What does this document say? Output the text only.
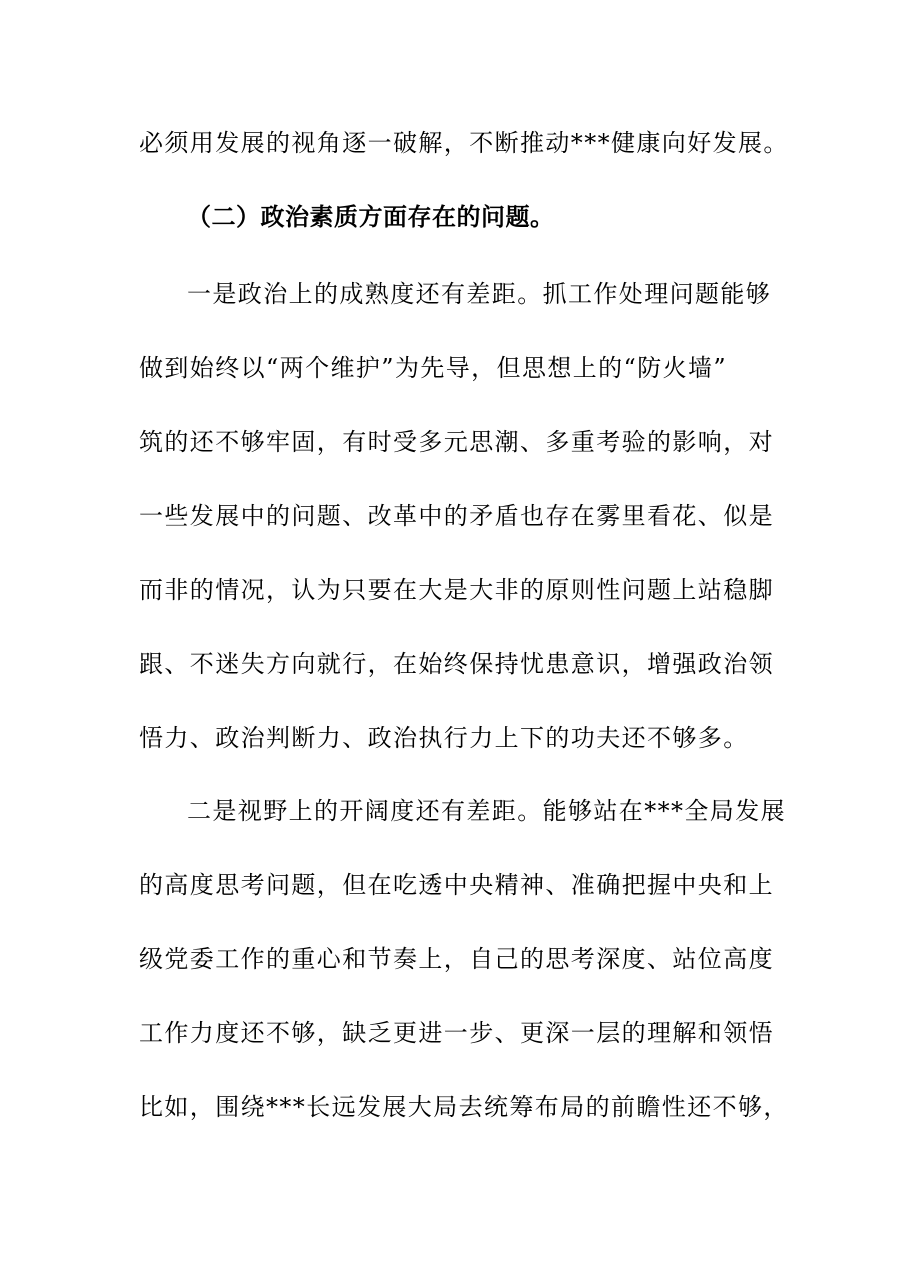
必须用发展的视角逐一破解，不断推动***健康向好发展。
（二）政治素质方面存在的问题。
一是政治上的成熟度还有差距。抓工作处理问题能够
做到始终以“两个维护”为先导，但思想上的“防火墙”
筑的还不够牢固，有时受多元思潮、多重考验的影响，对
一些发展中的问题、改革中的矛盾也存在雾里看花、似是
而非的情况，认为只要在大是大非的原则性问题上站稳脚
跟、不迷失方向就行，在始终保持忧患意识，增强政治领
悟力、政治判断力、政治执行力上下的功夫还不够多。
二是视野上的开阔度还有差距。能够站在***全局发展
的高度思考问题，但在吃透中央精神、准确把握中央和上
级党委工作的重心和节奏上，自己的思考深度、站位高度
工作力度还不够，缺乏更进一步、更深一层的理解和领悟
比如，围绕***长远发展大局去统筹布局的前瞻性还不够，
